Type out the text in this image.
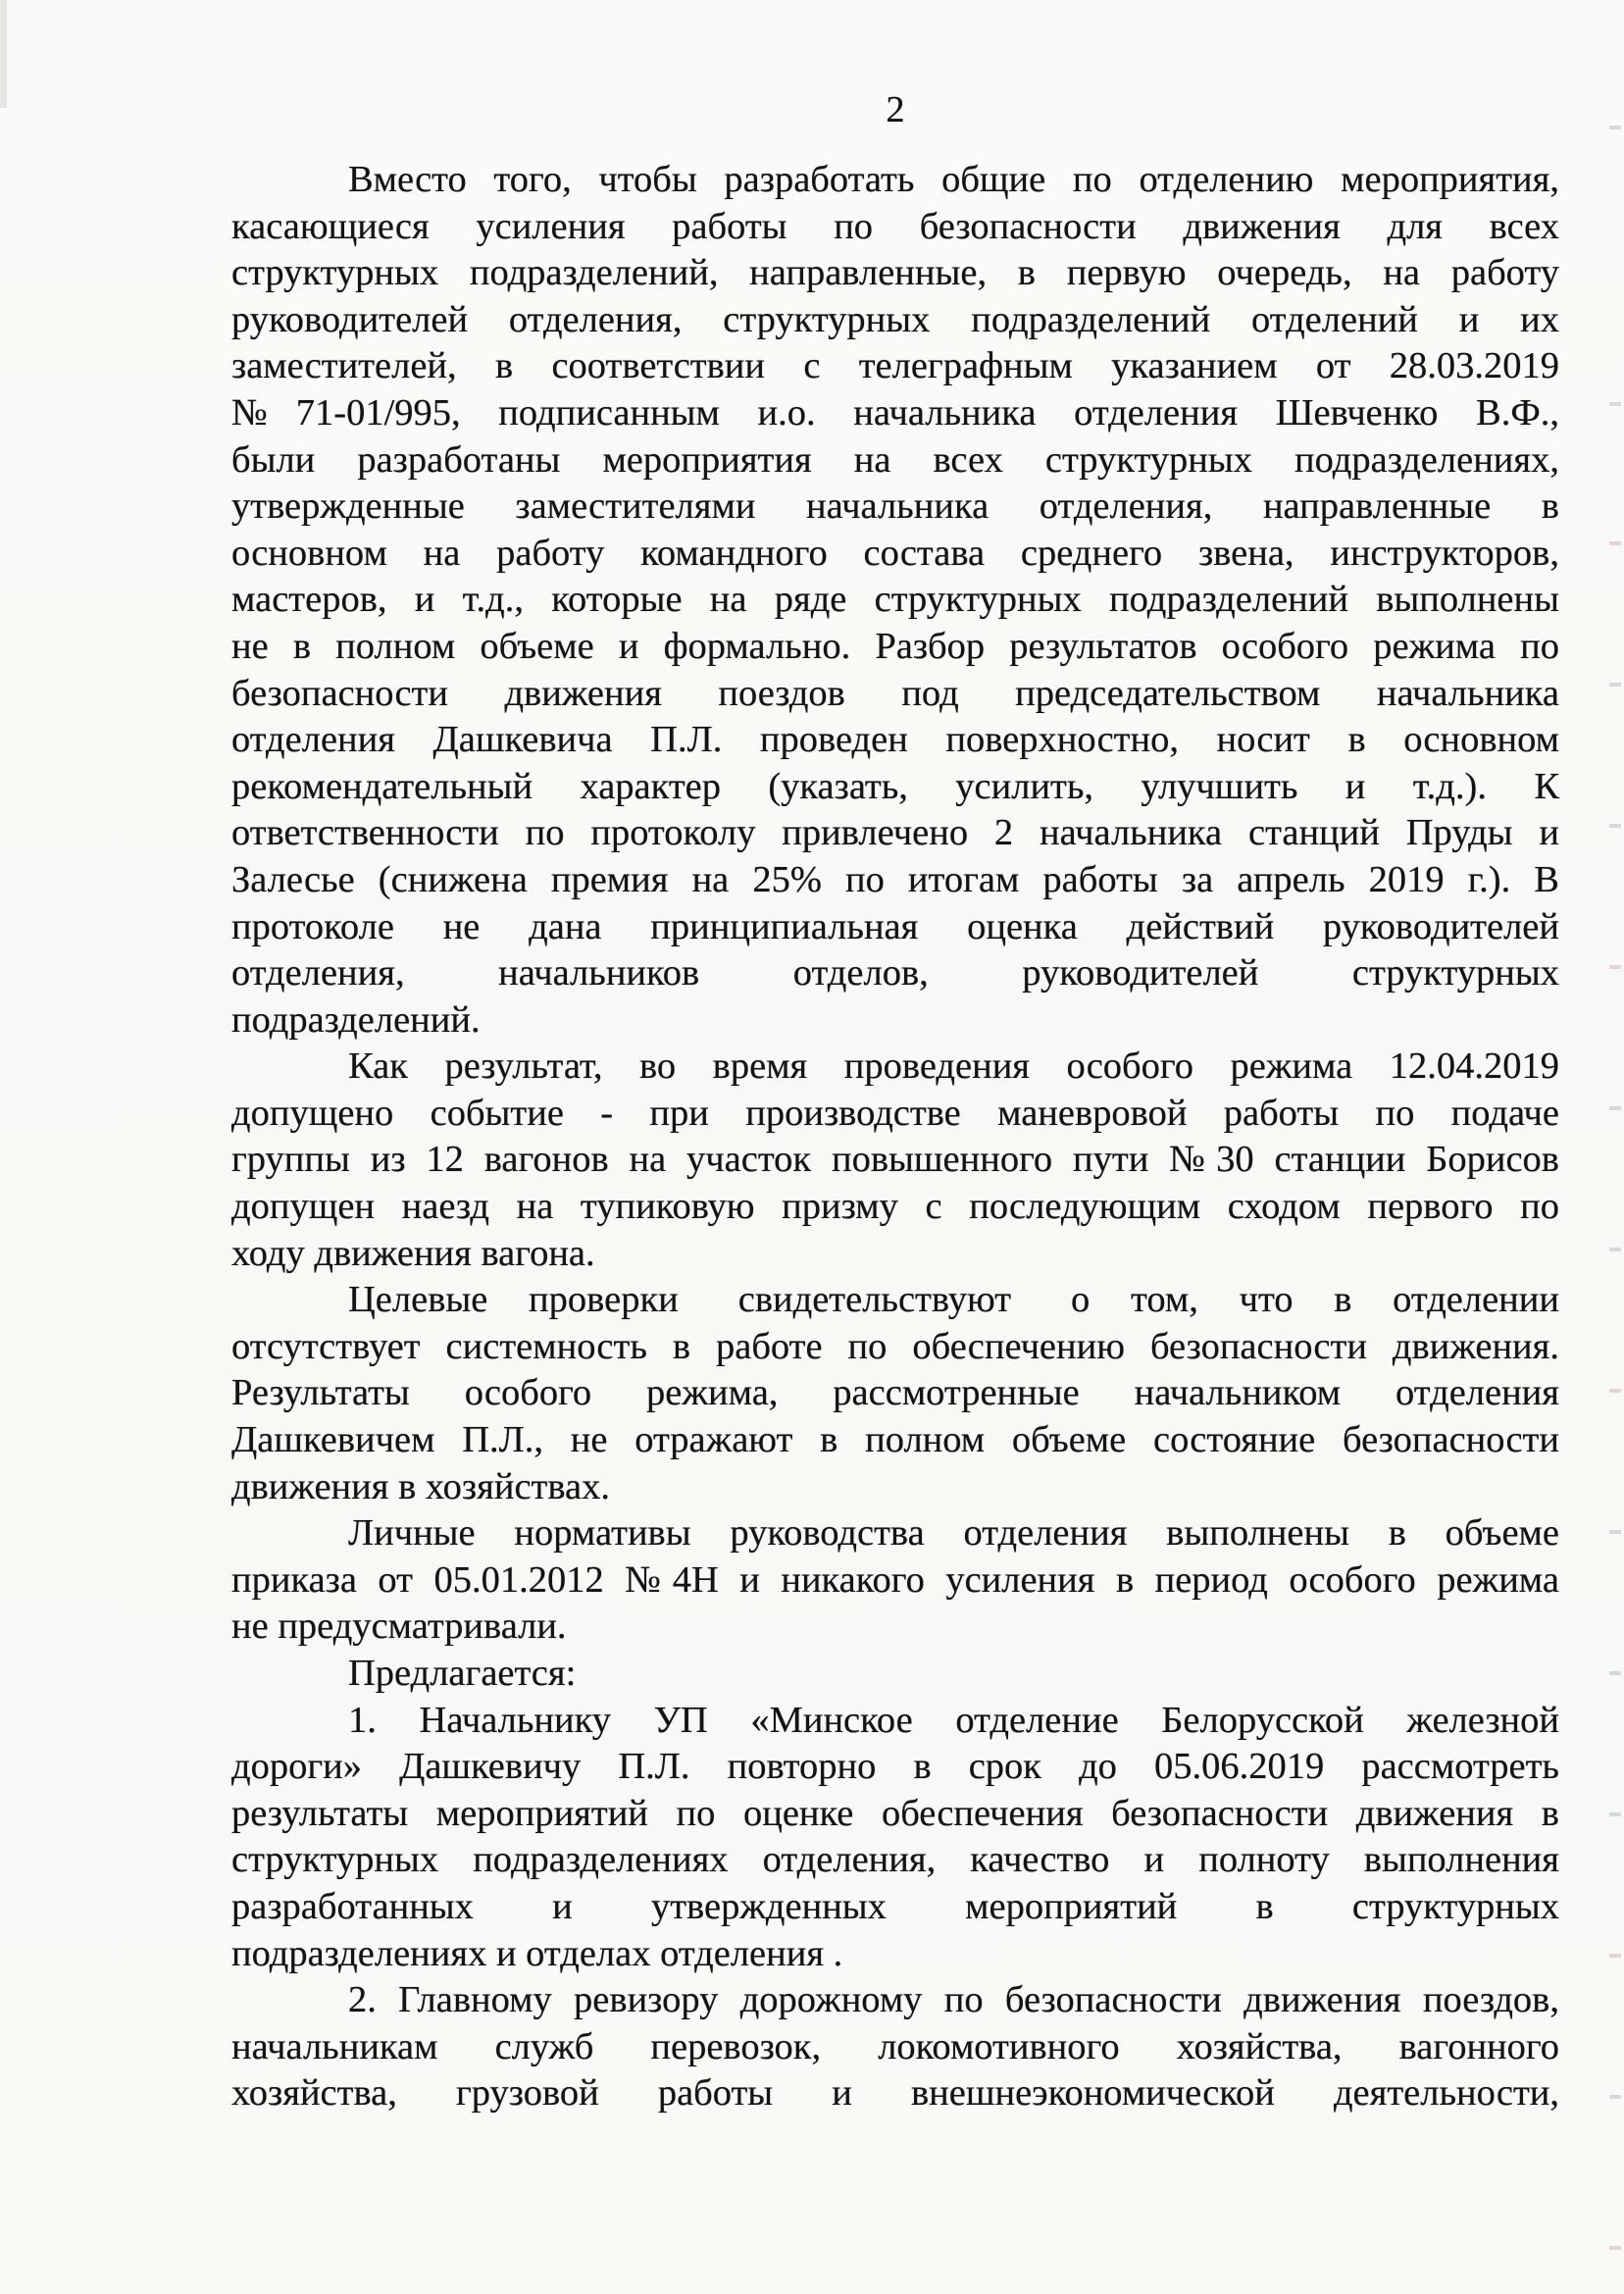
2
Вместо того, чтобы разработать общие по отделению мероприятия,
касающиеся усиления работы по безопасности движения для всех
структурных подразделений, направленные, в первую очередь, на работу
руководителей отделения, структурных подразделений отделений и их
заместителей, в соответствии с телеграфным указанием от 28.03.2019
№71-01/995, подписанным и.о. начальника отделения Шевченко В.Ф.,
были разработаны мероприятия на всех структурных подразделениях,
утвержденные заместителями начальника отделения, направленные в
основном на работу командного состава среднего звена, инструкторов,
мастеров, и т.д., которые на ряде структурных подразделений выполнены
не в полном объеме и формально. Разбор результатов особого режима по
безопасности движения поездов под председательством начальника
отделения Дашкевича П.Л. проведен поверхностно, носит в основном
рекомендательный характер (указать, усилить, улучшить и т.д.). К
ответственности по протоколу привлечено 2 начальника станций Пруды и
Залесье (снижена премия на 25% по итогам работы за апрель 2019 г.). В
протоколе не дана принципиальная оценка действий руководителей
отделения, начальников отделов, руководителей структурных
подразделений.
Как результат, во время проведения особого режима 12.04.2019
допущено событие - при производстве маневровой работы по подаче
группы из 12 вагонов на участок повышенного пути №30 станции Борисов
допущен наезд на тупиковую призму с последующим сходом первого по
ходу движения вагона.
Целевые проверки  свидетельствуют  о том, что в отделении
отсутствует системность в работе по обеспечению безопасности движения.
Результаты особого режима, рассмотренные начальником отделения
Дашкевичем П.Л., не отражают в полном объеме состояние безопасности
движения в хозяйствах.
Личные нормативы руководства отделения выполнены в объеме
приказа от 05.01.2012 №4Н и никакого усиления в период особого режима
не предусматривали.
Предлагается:
1. Начальнику УП «Минское отделение Белорусской железной
дороги» Дашкевичу П.Л. повторно в срок до 05.06.2019 рассмотреть
результаты мероприятий по оценке обеспечения безопасности движения в
структурных подразделениях отделения, качество и полноту выполнения
разработанных и утвержденных мероприятий в структурных
подразделениях и отделах отделения .
2. Главному ревизору дорожному по безопасности движения поездов,
начальникам служб перевозок, локомотивного хозяйства, вагонного
хозяйства, грузовой работы и внешнеэкономической деятельности,
